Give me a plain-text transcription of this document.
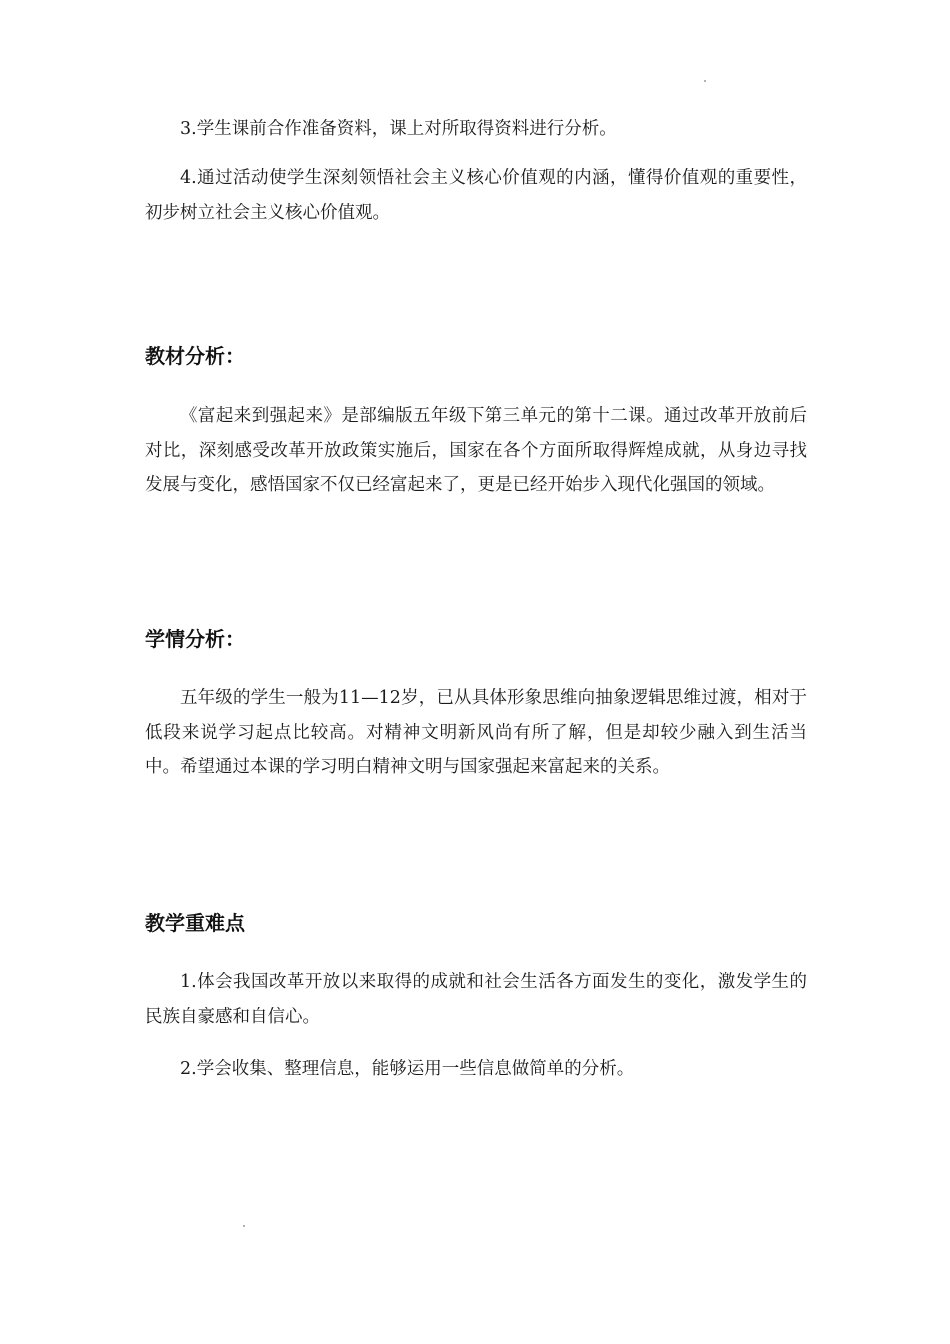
3.学生课前合作准备资料，课上对所取得资料进行分析。

4.通过活动使学生深刻领悟社会主义核心价值观的内涵，懂得价值观的重要性，初步树立社会主义核心价值观。

教材分析：

《富起来到强起来》是部编版五年级下第三单元的第十二课。通过改革开放前后对比，深刻感受改革开放政策实施后，国家在各个方面所取得辉煌成就，从身边寻找发展与变化，感悟国家不仅已经富起来了，更是已经开始步入现代化强国的领域。

学情分析：

五年级的学生一般为11—12岁，已从具体形象思维向抽象逻辑思维过渡，相对于低段来说学习起点比较高。对精神文明新风尚有所了解，但是却较少融入到生活当中。希望通过本课的学习明白精神文明与国家强起来富起来的关系。

教学重难点

1.体会我国改革开放以来取得的成就和社会生活各方面发生的变化，激发学生的民族自豪感和自信心。

2.学会收集、整理信息，能够运用一些信息做简单的分析。
